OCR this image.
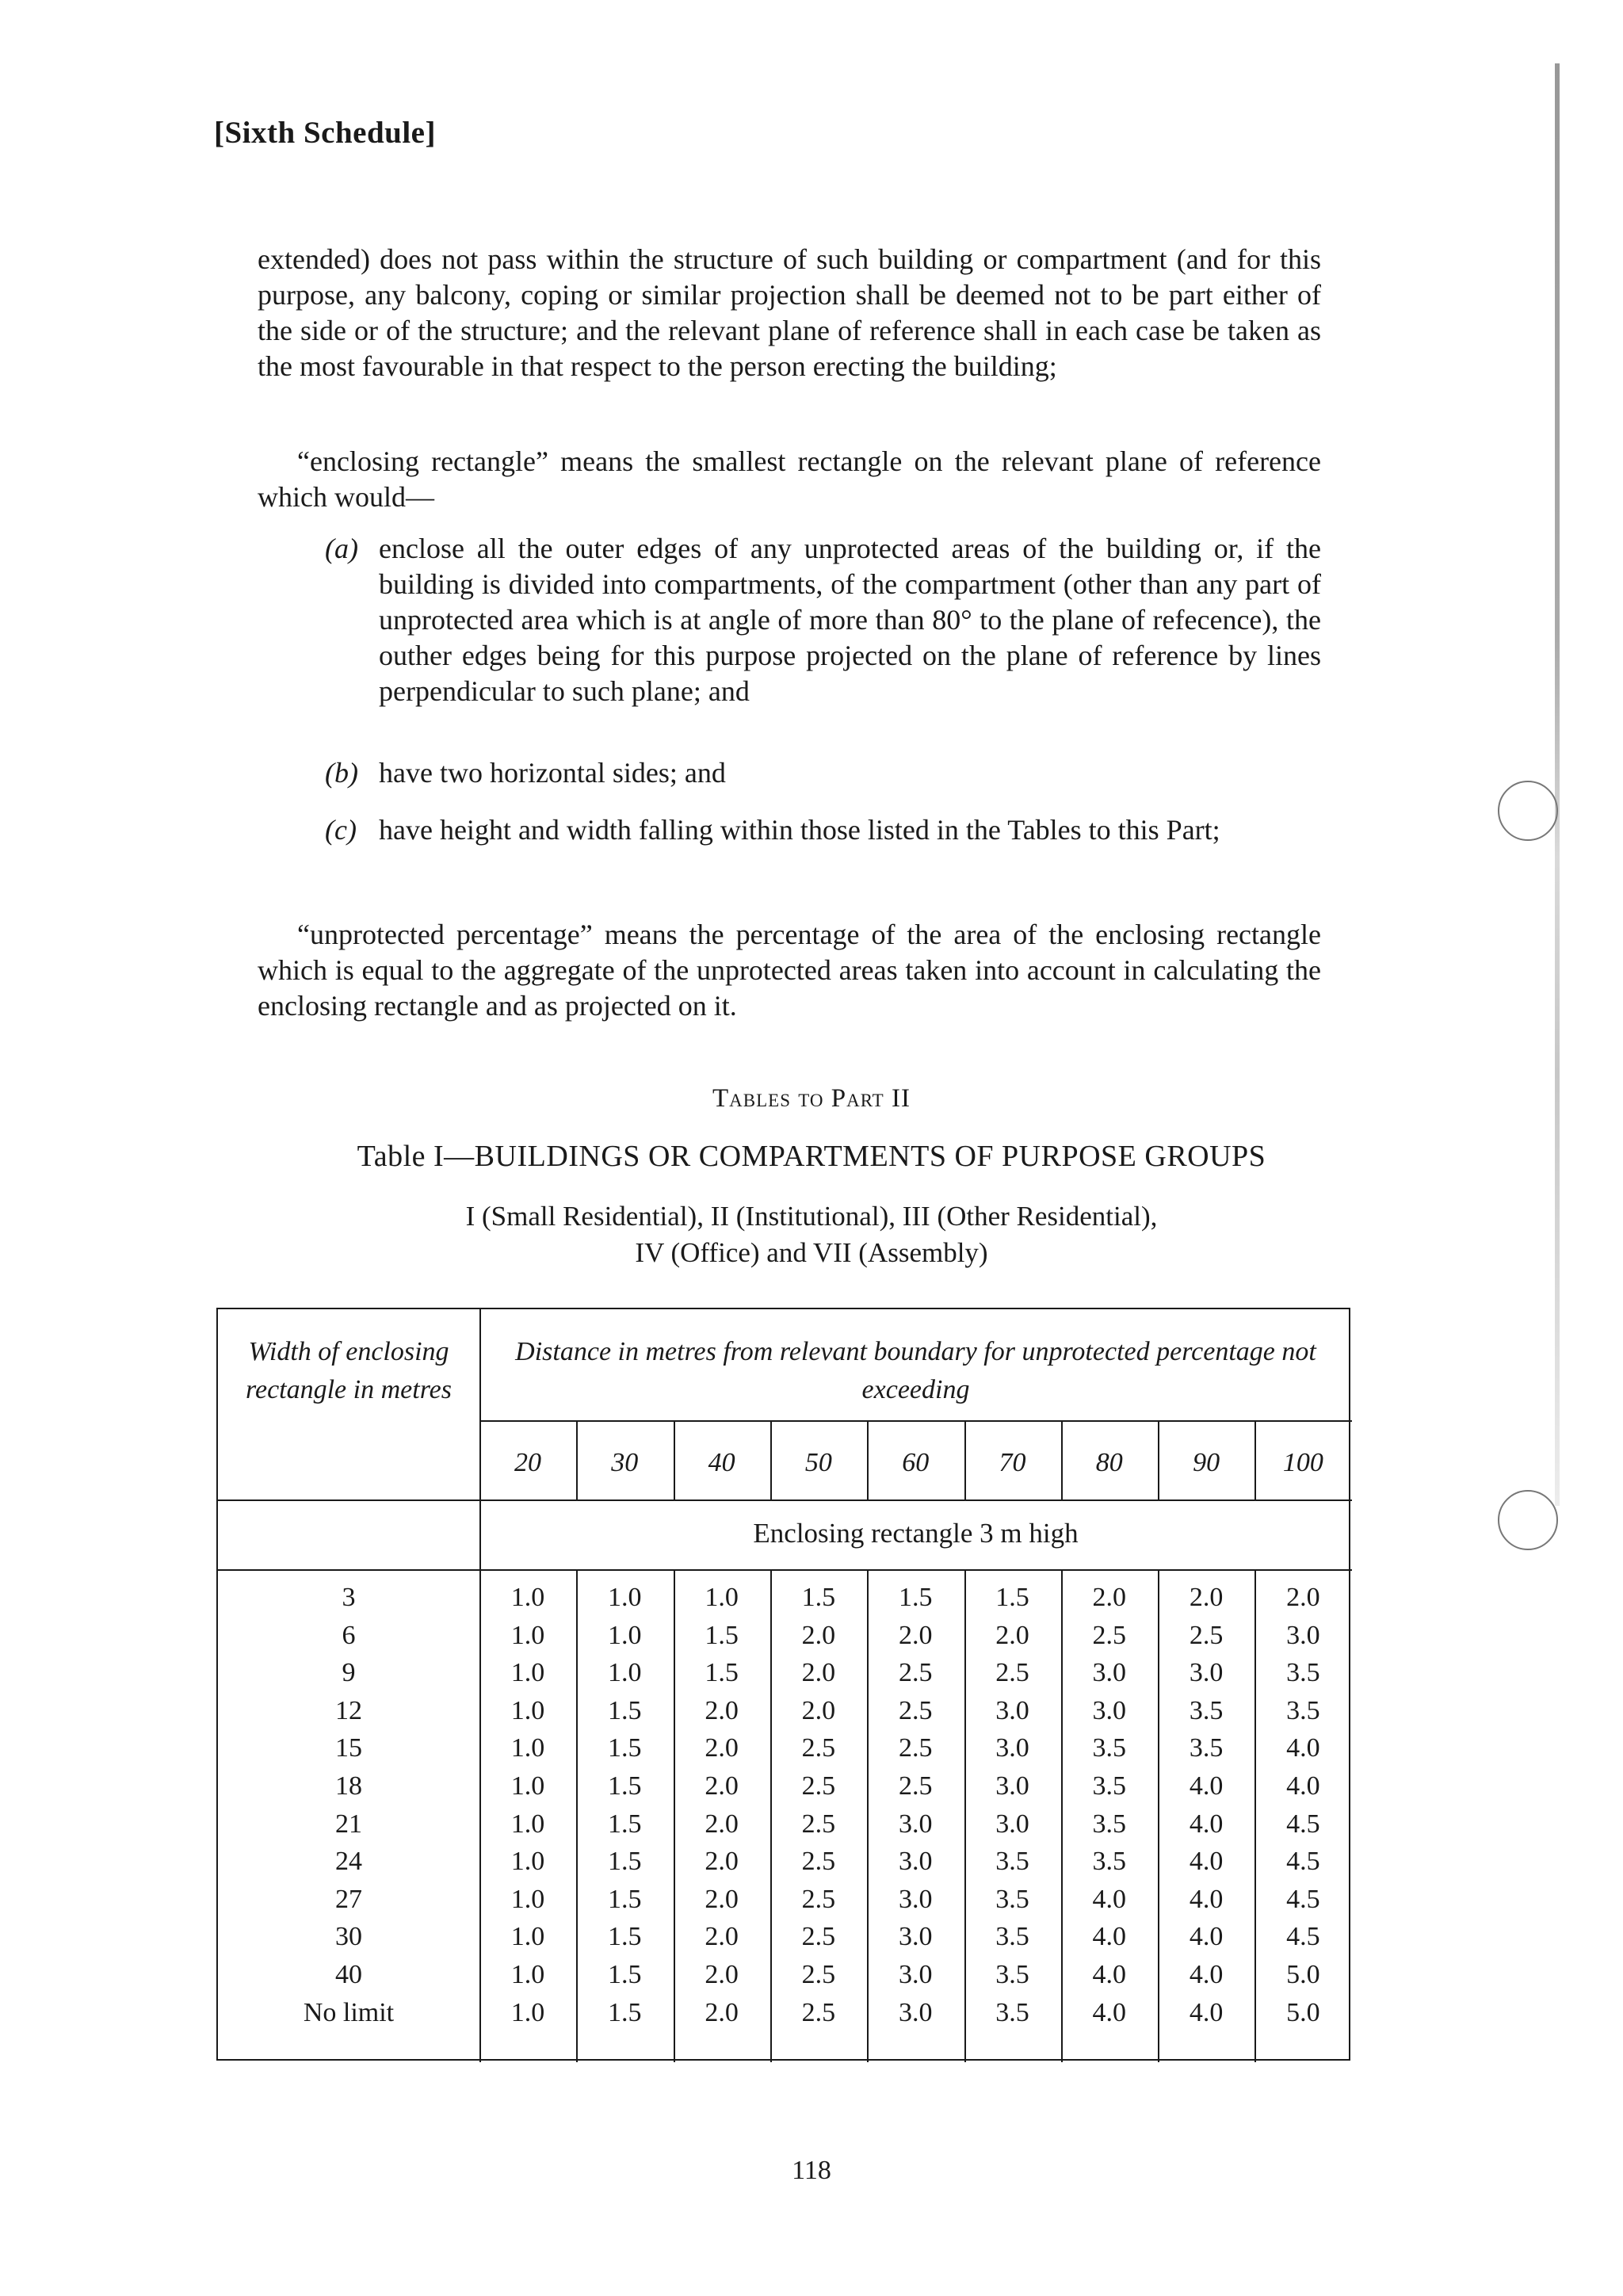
[Sixth Schedule]
extended) does not pass within the structure of such building or compartment (and for this purpose, any balcony, coping or similar projection shall be deemed not to be part either of the side or of the structure; and the relevant plane of reference shall in each case be taken as the most favourable in that respect to the person erecting the building;
“enclosing rectangle” means the smallest rectangle on the relevant plane of reference which would—
(a) enclose all the outer edges of any unprotected areas of the building or, if the building is divided into compartments, of the compartment (other than any part of unprotected area which is at angle of more than 80° to the plane of refecence), the outher edges being for this purpose projected on the plane of reference by lines perpendicular to such plane; and
(b) have two horizontal sides; and
(c) have height and width falling within those listed in the Tables to this Part;
“unprotected percentage” means the percentage of the area of the enclosing rectangle which is equal to the aggregate of the unprotected areas taken into account in calculating the enclosing rectangle and as projected on it.
Tables to Part II
Table I—BUILDINGS OR COMPARTMENTS OF PURPOSE GROUPS
I (Small Residential), II (Institutional), III (Other Residential),
IV (Office) and VII (Assembly)
Width of enclosing rectangle in metres
Distance in metres from relevant boundary for unprotected percentage not exceeding
20	30	40	50	60	70	80	90	100
Enclosing rectangle 3 m high
3	1.0	1.0	1.0	1.5	1.5	1.5	2.0	2.0	2.0
6	1.0	1.0	1.5	2.0	2.0	2.0	2.5	2.5	3.0
9	1.0	1.0	1.5	2.0	2.5	2.5	3.0	3.0	3.5
12	1.0	1.5	2.0	2.0	2.5	3.0	3.0	3.5	3.5
15	1.0	1.5	2.0	2.5	2.5	3.0	3.5	3.5	4.0
18	1.0	1.5	2.0	2.5	2.5	3.0	3.5	4.0	4.0
21	1.0	1.5	2.0	2.5	3.0	3.0	3.5	4.0	4.5
24	1.0	1.5	2.0	2.5	3.0	3.5	3.5	4.0	4.5
27	1.0	1.5	2.0	2.5	3.0	3.5	4.0	4.0	4.5
30	1.0	1.5	2.0	2.5	3.0	3.5	4.0	4.0	4.5
40	1.0	1.5	2.0	2.5	3.0	3.5	4.0	4.0	5.0
No limit	1.0	1.5	2.0	2.5	3.0	3.5	4.0	4.0	5.0
118
